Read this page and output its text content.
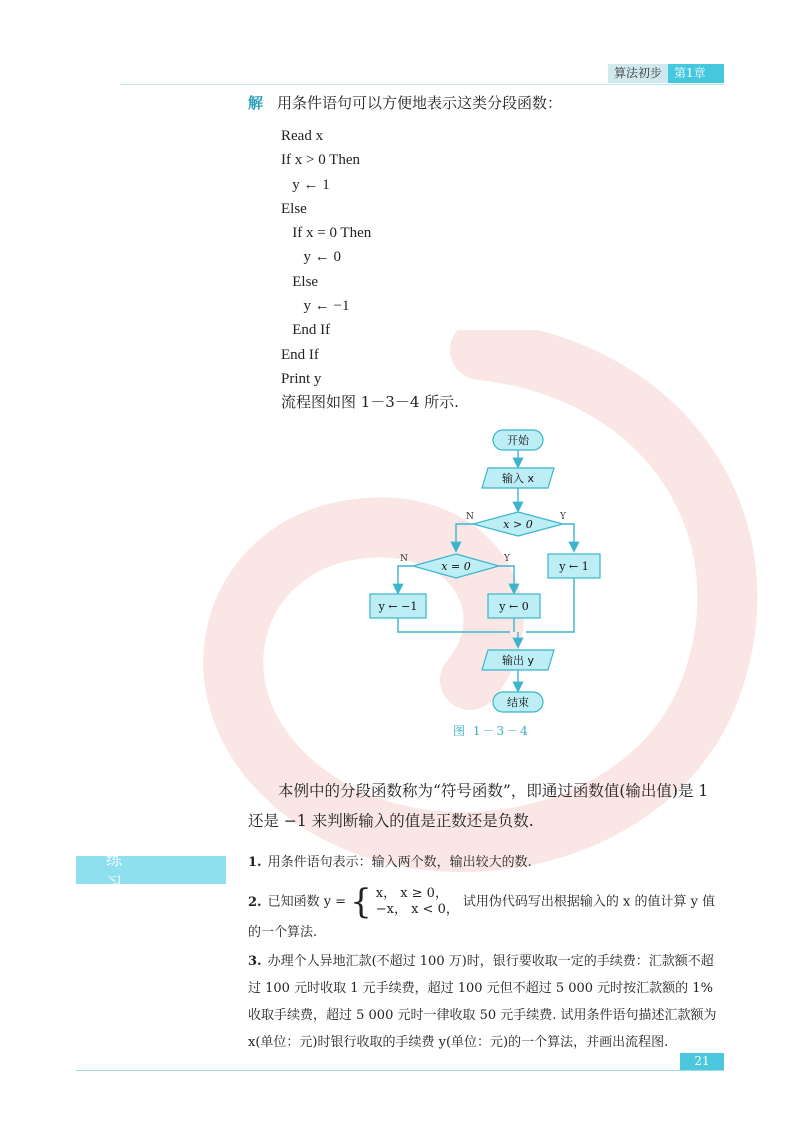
算法初步	第1章
解 用条件语句可以方便地表示这类分段函数：
Read x
If x > 0 Then
y ← 1
Else
If x = 0 Then
y ← 0
Else
y ← −1
End If
End If
Print y
流程图如图 1－3－4 所示.
开始
输入 x
x > 0
N	Y
y ← 1
x = 0
N	Y
y ← −1	y ← 0
输出 y
结束
图 1－3－4
本例中的分段函数称为“符号函数”，即通过函数值(输出值)是 1 还是 −1 来判断输入的值是正数还是负数.
练 习
1. 用条件语句表示：输入两个数，输出较大的数.
2. 已知函数 y = { x， x ≥ 0，
−x， x < 0， 试用伪代码写出根据输入的 x 的值计算 y 值的一个算法.
3. 办理个人异地汇款(不超过 100 万)时，银行要收取一定的手续费：汇款额不超过 100 元时收取 1 元手续费，超过 100 元但不超过 5 000 元时按汇款额的 1% 收取手续费，超过 5 000 元时一律收取 50 元手续费. 试用条件语句描述汇款额为 x(单位：元)时银行收取的手续费 y(单位：元)的一个算法，并画出流程图.
21
